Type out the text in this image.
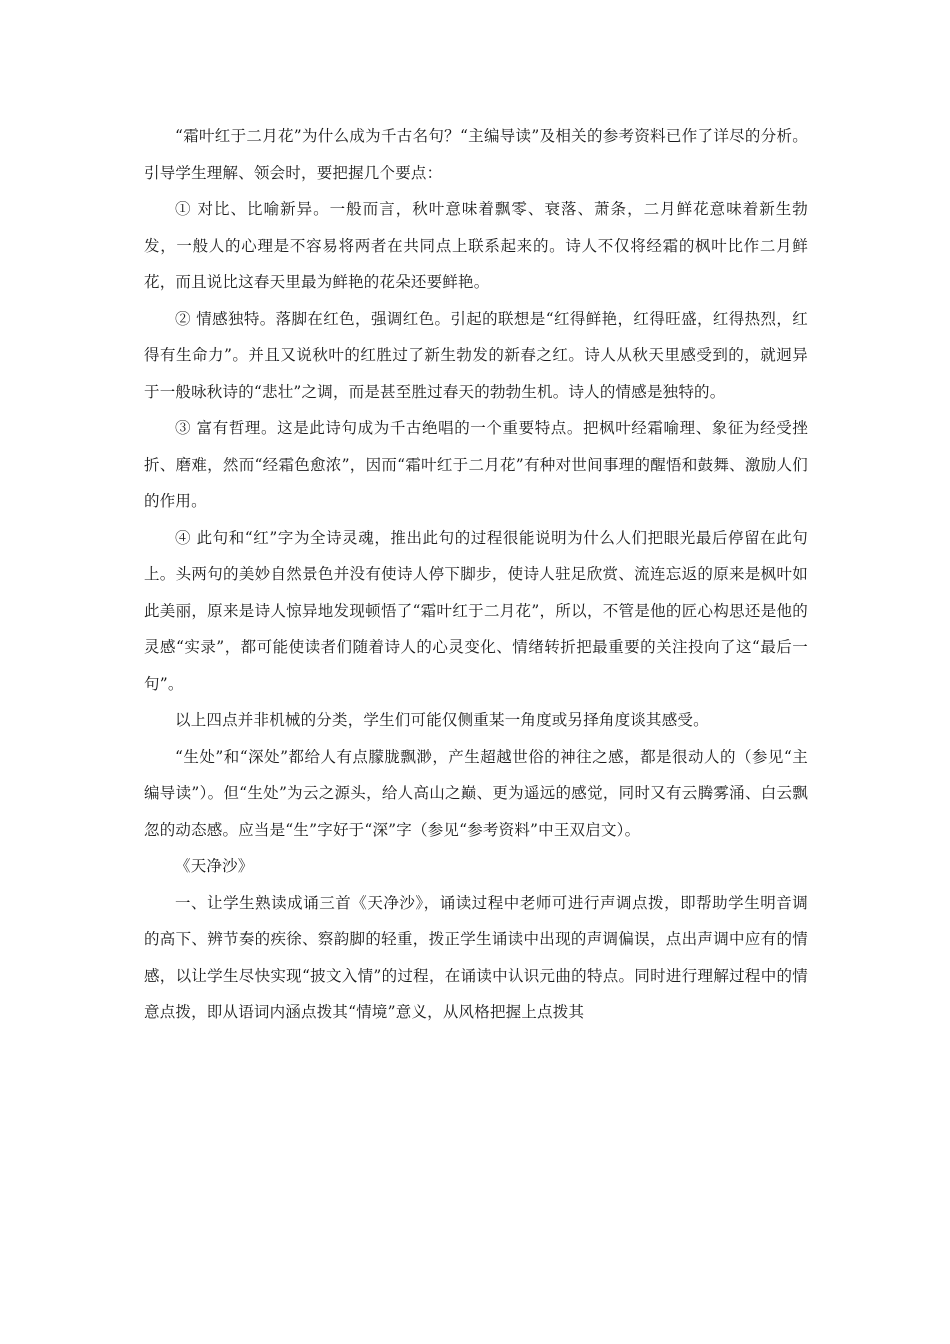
“霜叶红于二月花”为什么成为千古名句？“主编导读”及相关的参考资料已作了详尽的分析。引导学生理解、领会时，要把握几个要点：

① 对比、比喻新异。一般而言，秋叶意味着飘零、衰落、萧条，二月鲜花意味着新生勃发，一般人的心理是不容易将两者在共同点上联系起来的。诗人不仅将经霜的枫叶比作二月鲜花，而且说比这春天里最为鲜艳的花朵还要鲜艳。

② 情感独特。落脚在红色，强调红色。引起的联想是“红得鲜艳，红得旺盛，红得热烈，红得有生命力”。并且又说秋叶的红胜过了新生勃发的新春之红。诗人从秋天里感受到的，就迥异于一般咏秋诗的“悲壮”之调，而是甚至胜过春天的勃勃生机。诗人的情感是独特的。

③ 富有哲理。这是此诗句成为千古绝唱的一个重要特点。把枫叶经霜喻理、象征为经受挫折、磨难，然而“经霜色愈浓”，因而“霜叶红于二月花”有种对世间事理的醒悟和鼓舞、激励人们的作用。

④ 此句和“红”字为全诗灵魂，推出此句的过程很能说明为什么人们把眼光最后停留在此句上。头两句的美妙自然景色并没有使诗人停下脚步，使诗人驻足欣赏、流连忘返的原来是枫叶如此美丽，原来是诗人惊异地发现顿悟了“霜叶红于二月花”，所以，不管是他的匠心构思还是他的灵感“实录”，都可能使读者们随着诗人的心灵变化、情绪转折把最重要的关注投向了这“最后一句”。

以上四点并非机械的分类，学生们可能仅侧重某一角度或另择角度谈其感受。

“生处”和“深处”都给人有点朦胧飘渺，产生超越世俗的神往之感，都是很动人的（参见“主编导读”）。但“生处”为云之源头，给人高山之巅、更为遥远的感觉，同时又有云腾雾涌、白云飘忽的动态感。应当是“生”字好于“深”字（参见“参考资料”中王双启文）。

《天净沙》

一、让学生熟读成诵三首《天净沙》，诵读过程中老师可进行声调点拨，即帮助学生明音调的高下、辨节奏的疾徐、察韵脚的轻重，拨正学生诵读中出现的声调偏误，点出声调中应有的情感，以让学生尽快实现“披文入情”的过程，在诵读中认识元曲的特点。同时进行理解过程中的情意点拨，即从语词内涵点拨其“情境”意义，从风格把握上点拨其
